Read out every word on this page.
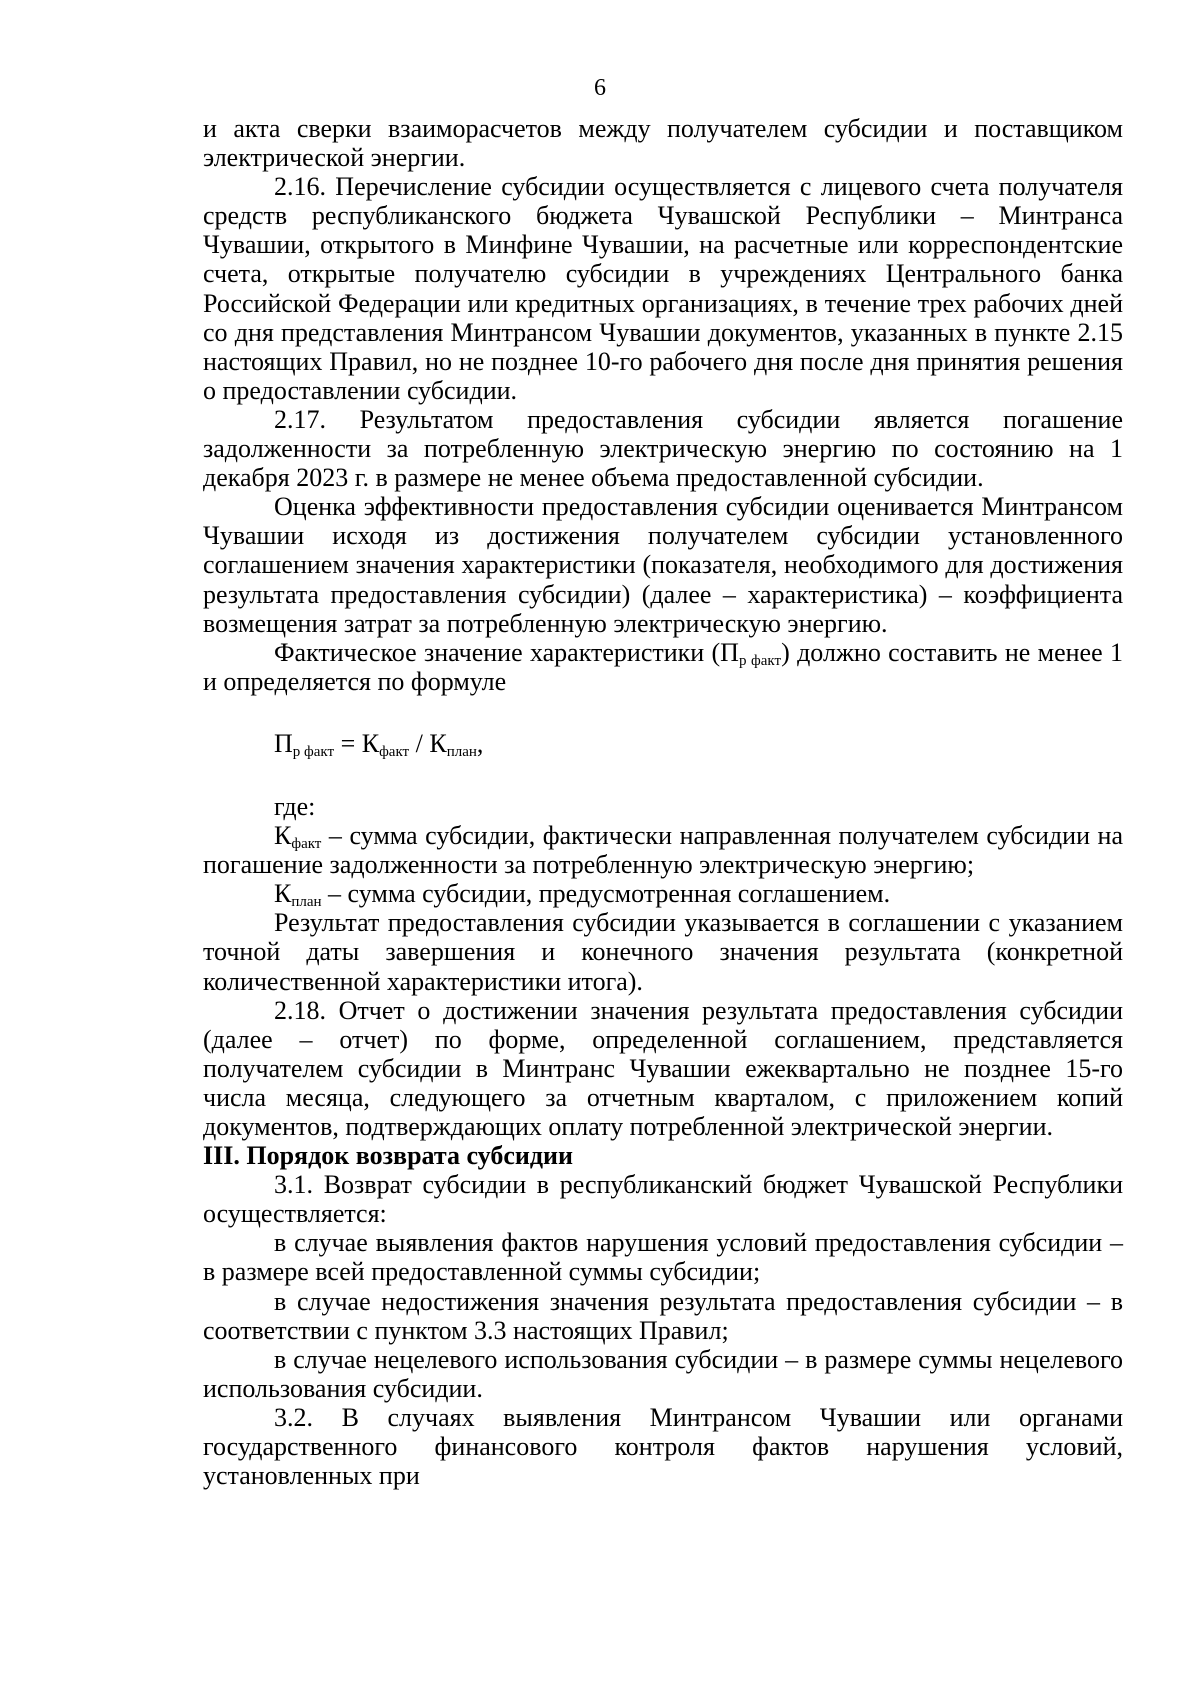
6

и акта сверки взаиморасчетов между получателем субсидии и поставщиком электрической энергии.

2.16. Перечисление субсидии осуществляется с лицевого счета получателя средств республиканского бюджета Чувашской Республики – Минтранса Чувашии, открытого в Минфине Чувашии, на расчетные или корреспондентские счета, открытые получателю субсидии в учреждениях Центрального банка Российской Федерации или кредитных организациях, в течение трех рабочих дней со дня представления Минтрансом Чувашии документов, указанных в пункте 2.15 настоящих Правил, но не позднее 10-го рабочего дня после дня принятия решения о предоставлении субсидии.

2.17. Результатом предоставления субсидии является погашение задолженности за потребленную электрическую энергию по состоянию на 1 декабря 2023 г. в размере не менее объема предоставленной субсидии.

Оценка эффективности предоставления субсидии оценивается Минтрансом Чувашии исходя из достижения получателем субсидии установленного соглашением значения характеристики (показателя, необходимого для достижения результата предоставления субсидии) (далее – характеристика) – коэффициента возмещения затрат за потребленную электрическую энергию.

Фактическое значение характеристики $(П_{р факт})$ должно составить не менее 1 и определяется по формуле

$П_{р факт} = К_{факт} / К_{план}$,

где:

$К_{факт}$ – сумма субсидии, фактически направленная получателем субсидии на погашение задолженности за потребленную электрическую энергию;

$К_{план}$ – сумма субсидии, предусмотренная соглашением.

Результат предоставления субсидии указывается в соглашении с указанием точной даты завершения и конечного значения результата (конкретной количественной характеристики итога).

2.18. Отчет о достижении значения результата предоставления субсидии (далее – отчет) по форме, определенной соглашением, представляется получателем субсидии в Минтранс Чувашии ежеквартально не позднее 15-го числа месяца, следующего за отчетным кварталом, с приложением копий документов, подтверждающих оплату потребленной электрической энергии.

III. Порядок возврата субсидии

3.1. Возврат субсидии в республиканский бюджет Чувашской Республики осуществляется:

в случае выявления фактов нарушения условий предоставления субсидии – в размере всей предоставленной суммы субсидии;

в случае недостижения значения результата предоставления субсидии – в соответствии с пунктом 3.3 настоящих Правил;

в случае нецелевого использования субсидии – в размере суммы нецелевого использования субсидии.

3.2. В случаях выявления Минтрансом Чувашии или органами государственного финансового контроля фактов нарушения условий, установленных при
